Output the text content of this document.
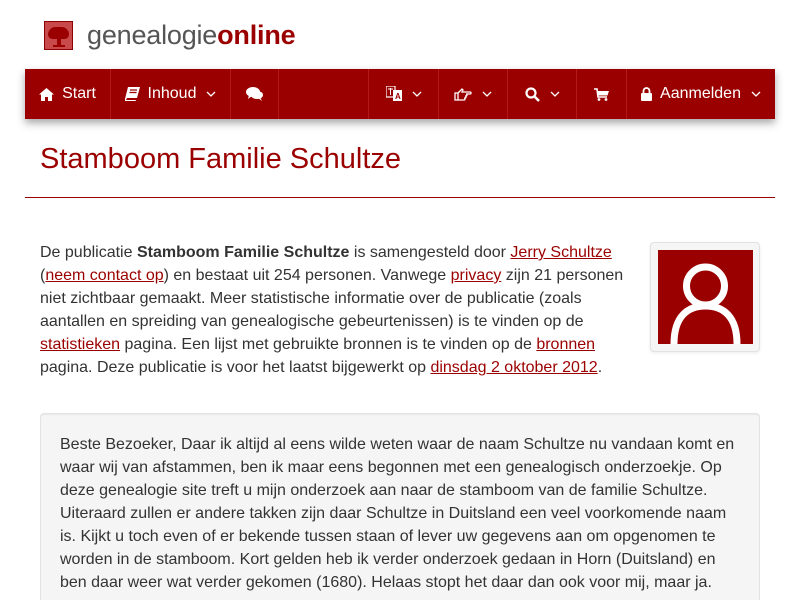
genealogieonline
Start	Inhoud	A	Aanmelden
Stamboom Familie Schultze

De publicatie Stamboom Familie Schultze is samengesteld door Jerry Schultze (neem contact op) en bestaat uit 254 personen. Vanwege privacy zijn 21 personen niet zichtbaar gemaakt. Meer statistische informatie over de publicatie (zoals aantallen en spreiding van genealogische gebeurtenissen) is te vinden op de statistieken pagina. Een lijst met gebruikte bronnen is te vinden op de bronnen pagina. Deze publicatie is voor het laatst bijgewerkt op dinsdag 2 oktober 2012.

Beste Bezoeker, Daar ik altijd al eens wilde weten waar de naam Schultze nu vandaan komt en waar wij van afstammen, ben ik maar eens begonnen met een genealogisch onderzoekje. Op deze genealogie site treft u mijn onderzoek aan naar de stamboom van de familie Schultze. Uiteraard zullen er andere takken zijn daar Schultze in Duitsland een veel voorkomende naam is. Kijkt u toch even of er bekende tussen staan of lever uw gegevens aan om opgenomen te worden in de stamboom. Kort gelden heb ik verder onderzoek gedaan in Horn (Duitsland) en ben daar weer wat verder gekomen (1680). Helaas stopt het daar dan ook voor mij, maar ja.
